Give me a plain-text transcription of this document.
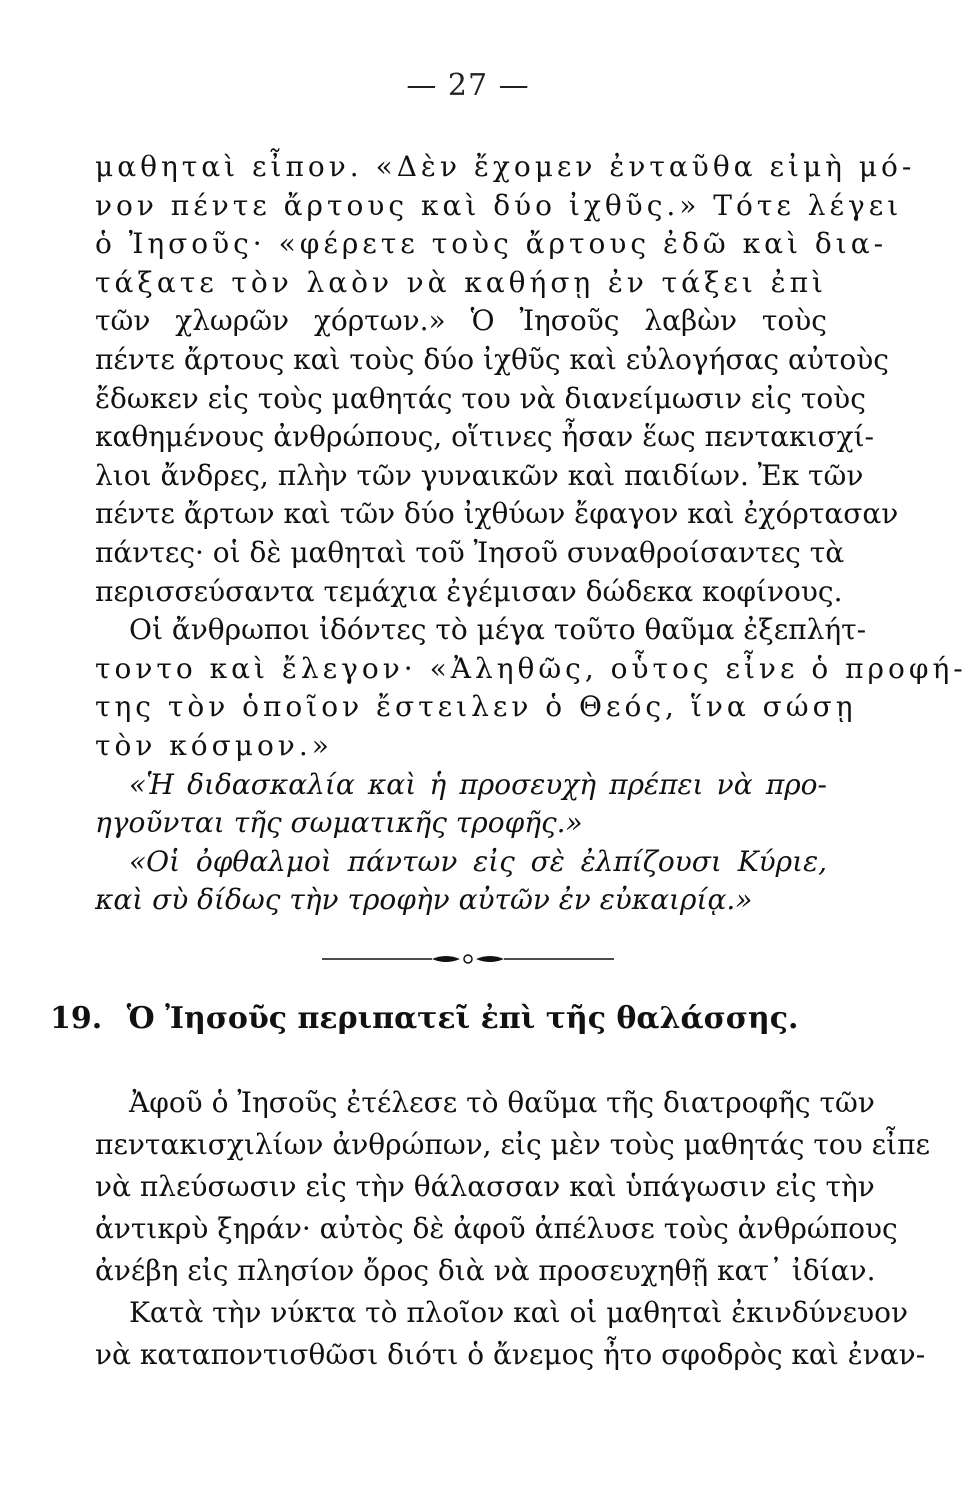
— 27 —
μαθηταὶ εἶπον. «Δὲν ἔχομεν ἐνταῦθα εἰμὴ μό-
νον πέντε ἄρτους καὶ δύο ἰχθῦς.» Τότε λέγει
ὁ Ἰησοῦς· «φέρετε τοὺς ἄρτους ἐδῶ καὶ δια-
τάξατε τὸν λαὸν νὰ καθήσῃ ἐν τάξει ἐπὶ
τῶν χλωρῶν χόρτων.» Ὁ Ἰησοῦς λαβὼν τοὺς
πέντε ἄρτους καὶ τοὺς δύο ἰχθῦς καὶ εὐλογήσας αὐτοὺς
ἔδωκεν εἰς τοὺς μαθητάς του νὰ διανείμωσιν εἰς τοὺς
καθημένους ἀνθρώπους, οἵτινες ἦσαν ἕως πεντακισχί-
λιοι ἄνδρες, πλὴν τῶν γυναικῶν καὶ παιδίων. Ἐκ τῶν
πέντε ἄρτων καὶ τῶν δύο ἰχθύων ἔφαγον καὶ ἐχόρτασαν
πάντες· οἱ δὲ μαθηταὶ τοῦ Ἰησοῦ συναθροίσαντες τὰ
περισσεύσαντα τεμάχια ἐγέμισαν δώδεκα κοφίνους.
Οἱ ἄνθρωποι ἰδόντες τὸ μέγα τοῦτο θαῦμα ἐξεπλήτ-
τοντο καὶ ἔλεγον· «Ἀληθῶς, οὗτος εἶνε ὁ προφή-
της τὸν ὁποῖον ἔστειλεν ὁ Θεός, ἵνα σώσῃ
τὸν κόσμον.»
«Ἡ διδασκαλία καὶ ἡ προσευχὴ πρέπει νὰ προ-
ηγοῦνται τῆς σωματικῆς τροφῆς.»
«Οἱ ὀφθαλμοὶ πάντων εἰς σὲ ἐλπίζουσι Κύριε,
καὶ σὺ δίδως τὴν τροφὴν αὐτῶν ἐν εὐκαιρίᾳ.»
19. Ὁ Ἰησοῦς περιπατεῖ ἐπὶ τῆς θαλάσσης.
Ἀφοῦ ὁ Ἰησοῦς ἐτέλεσε τὸ θαῦμα τῆς διατροφῆς τῶν
πεντακισχιλίων ἀνθρώπων, εἰς μὲν τοὺς μαθητάς του εἶπε
νὰ πλεύσωσιν εἰς τὴν θάλασσαν καὶ ὑπάγωσιν εἰς τὴν
ἀντικρὺ ξηράν· αὐτὸς δὲ ἀφοῦ ἀπέλυσε τοὺς ἀνθρώπους
ἀνέβη εἰς πλησίον ὄρος διὰ νὰ προσευχηθῇ κατ᾽ ἰδίαν.
Κατὰ τὴν νύκτα τὸ πλοῖον καὶ οἱ μαθηταὶ ἐκινδύνευον
νὰ καταποντισθῶσι διότι ὁ ἄνεμος ἦτο σφοδρὸς καὶ ἐναν-
